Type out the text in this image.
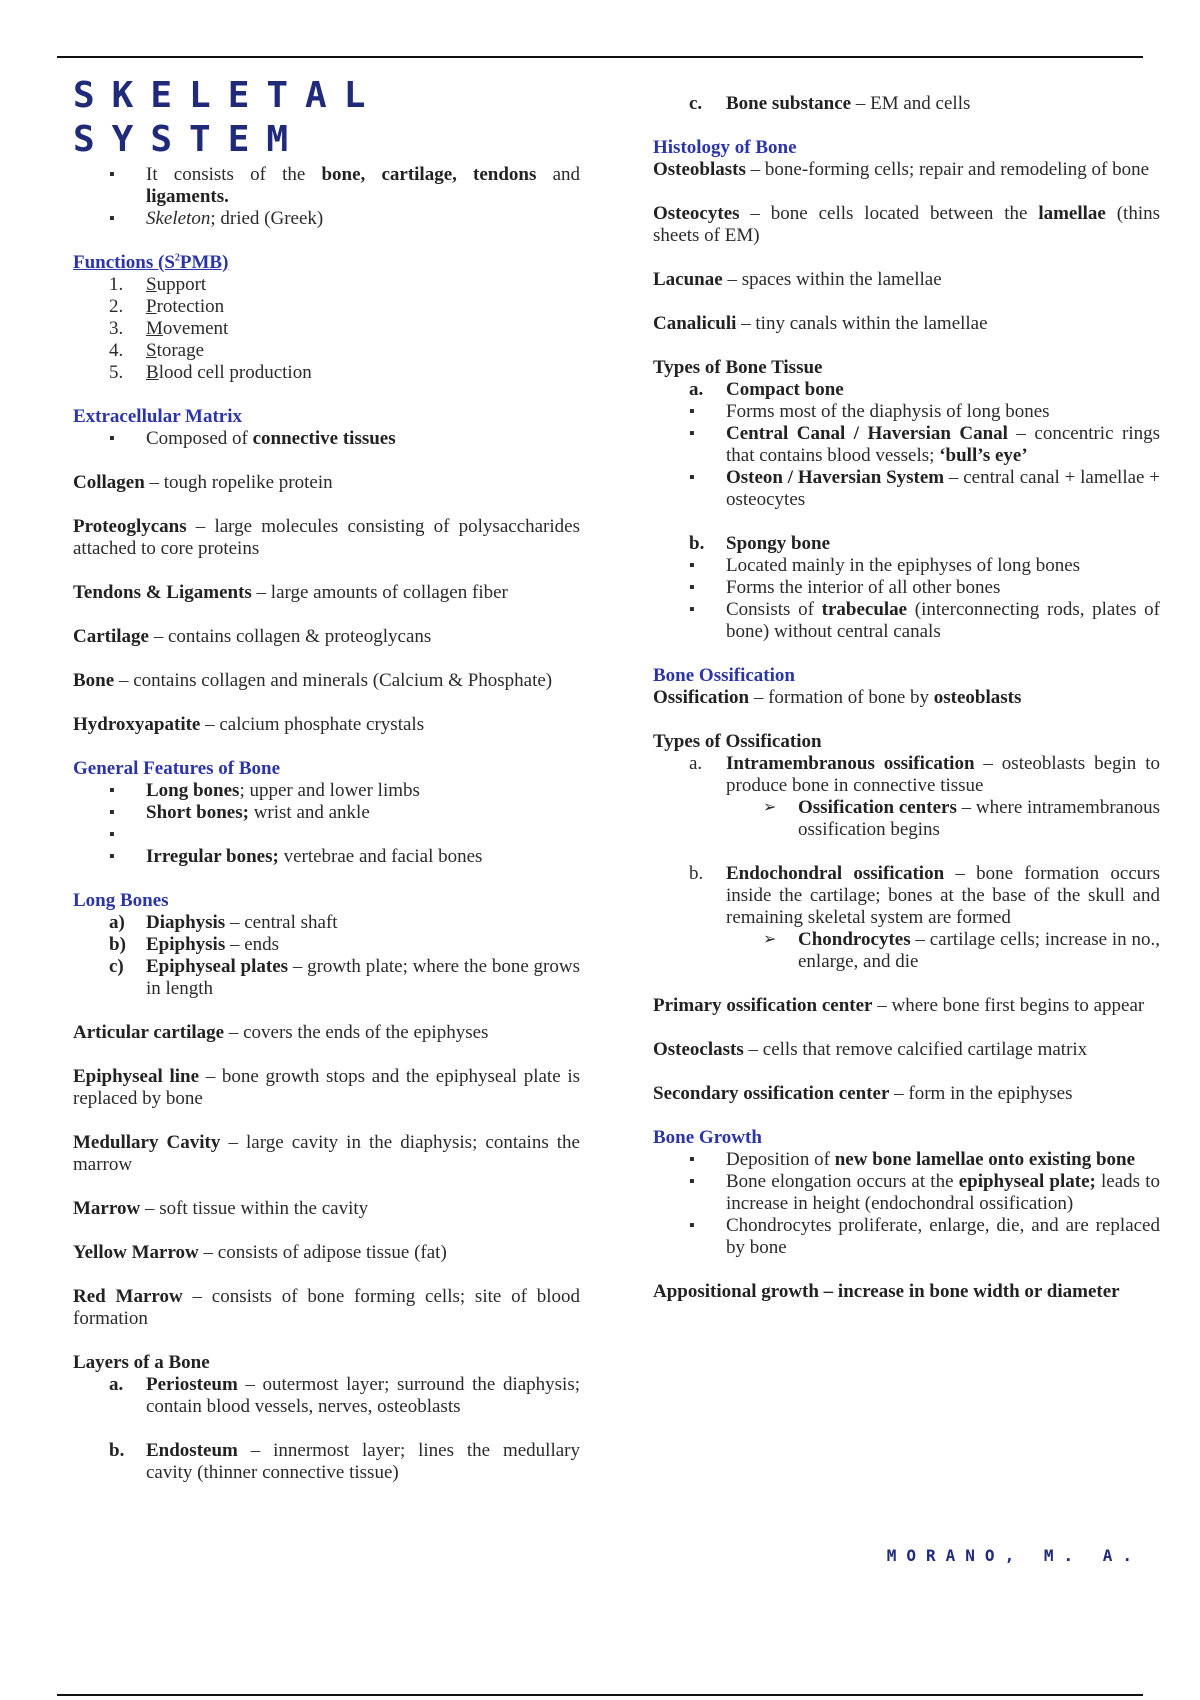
SKELETAL SYSTEM
▪ It consists of the bone, cartilage, tendons and ligaments.
▪ Skeleton; dried (Greek)

Functions $(S^2PMB)$

1. Support
2. Protection
3. Movement
4. Storage
5. Blood cell production

Extracellular Matrix

▪ Composed of connective tissues

Collagen – tough ropelike protein

Proteoglycans – large molecules consisting of polysaccharides attached to core proteins

Tendons & Ligaments – large amounts of collagen fiber

Cartilage – contains collagen & proteoglycans

Bone – contains collagen and minerals (Calcium & Phosphate)

Hydroxyapatite – calcium phosphate crystals

General Features of Bone

▪ Long bones; upper and lower limbs
▪ Short bones; wrist and ankle
▪
▪ Irregular bones; vertebrae and facial bones

Long Bones

a) Diaphysis – central shaft
b) Epiphysis – ends
c) Epiphyseal plates – growth plate; where the bone grows in length

Articular cartilage – covers the ends of the epiphyses

Epiphyseal line – bone growth stops and the epiphyseal plate is replaced by bone

Medullary Cavity – large cavity in the diaphysis; contains the marrow

Marrow – soft tissue within the cavity

Yellow Marrow – consists of adipose tissue (fat)

Red Marrow – consists of bone forming cells; site of blood formation

Layers of a Bone

a. Periosteum – outermost layer; surround the diaphysis; contain blood vessels, nerves, osteoblasts
b. Endosteum – innermost layer; lines the medullary cavity (thinner connective tissue)
c. Bone substance – EM and cells

Histology of Bone

Osteoblasts – bone-forming cells; repair and remodeling of bone

Osteocytes – bone cells located between the lamellae (thins sheets of EM)

Lacunae – spaces within the lamellae

Canaliculi – tiny canals within the lamellae

Types of Bone Tissue

a. Compact bone
▪ Forms most of the diaphysis of long bones
▪ Central Canal / Haversian Canal – concentric rings that contains blood vessels; ‘bull’s eye’
▪ Osteon / Haversian System – central canal + lamellae + osteocytes
b. Spongy bone
▪ Located mainly in the epiphyses of long bones
▪ Forms the interior of all other bones
▪ Consists of trabeculae (interconnecting rods, plates of bone) without central canals

Bone Ossification

Ossification – formation of bone by osteoblasts

Types of Ossification

a. Intramembranous ossification – osteoblasts begin to produce bone in connective tissue
➢ Ossification centers – where intramembranous ossification begins
b. Endochondral ossification – bone formation occurs inside the cartilage; bones at the base of the skull and remaining skeletal system are formed
➢ Chondrocytes – cartilage cells; increase in no., enlarge, and die

Primary ossification center – where bone first begins to appear

Osteoclasts – cells that remove calcified cartilage matrix

Secondary ossification center – form in the epiphyses

Bone Growth

▪ Deposition of new bone lamellae onto existing bone
▪ Bone elongation occurs at the epiphyseal plate; leads to increase in height (endochondral ossification)
▪ Chondrocytes proliferate, enlarge, die, and are replaced by bone

Appositional growth – increase in bone width or diameter

MORANO, M. A.
